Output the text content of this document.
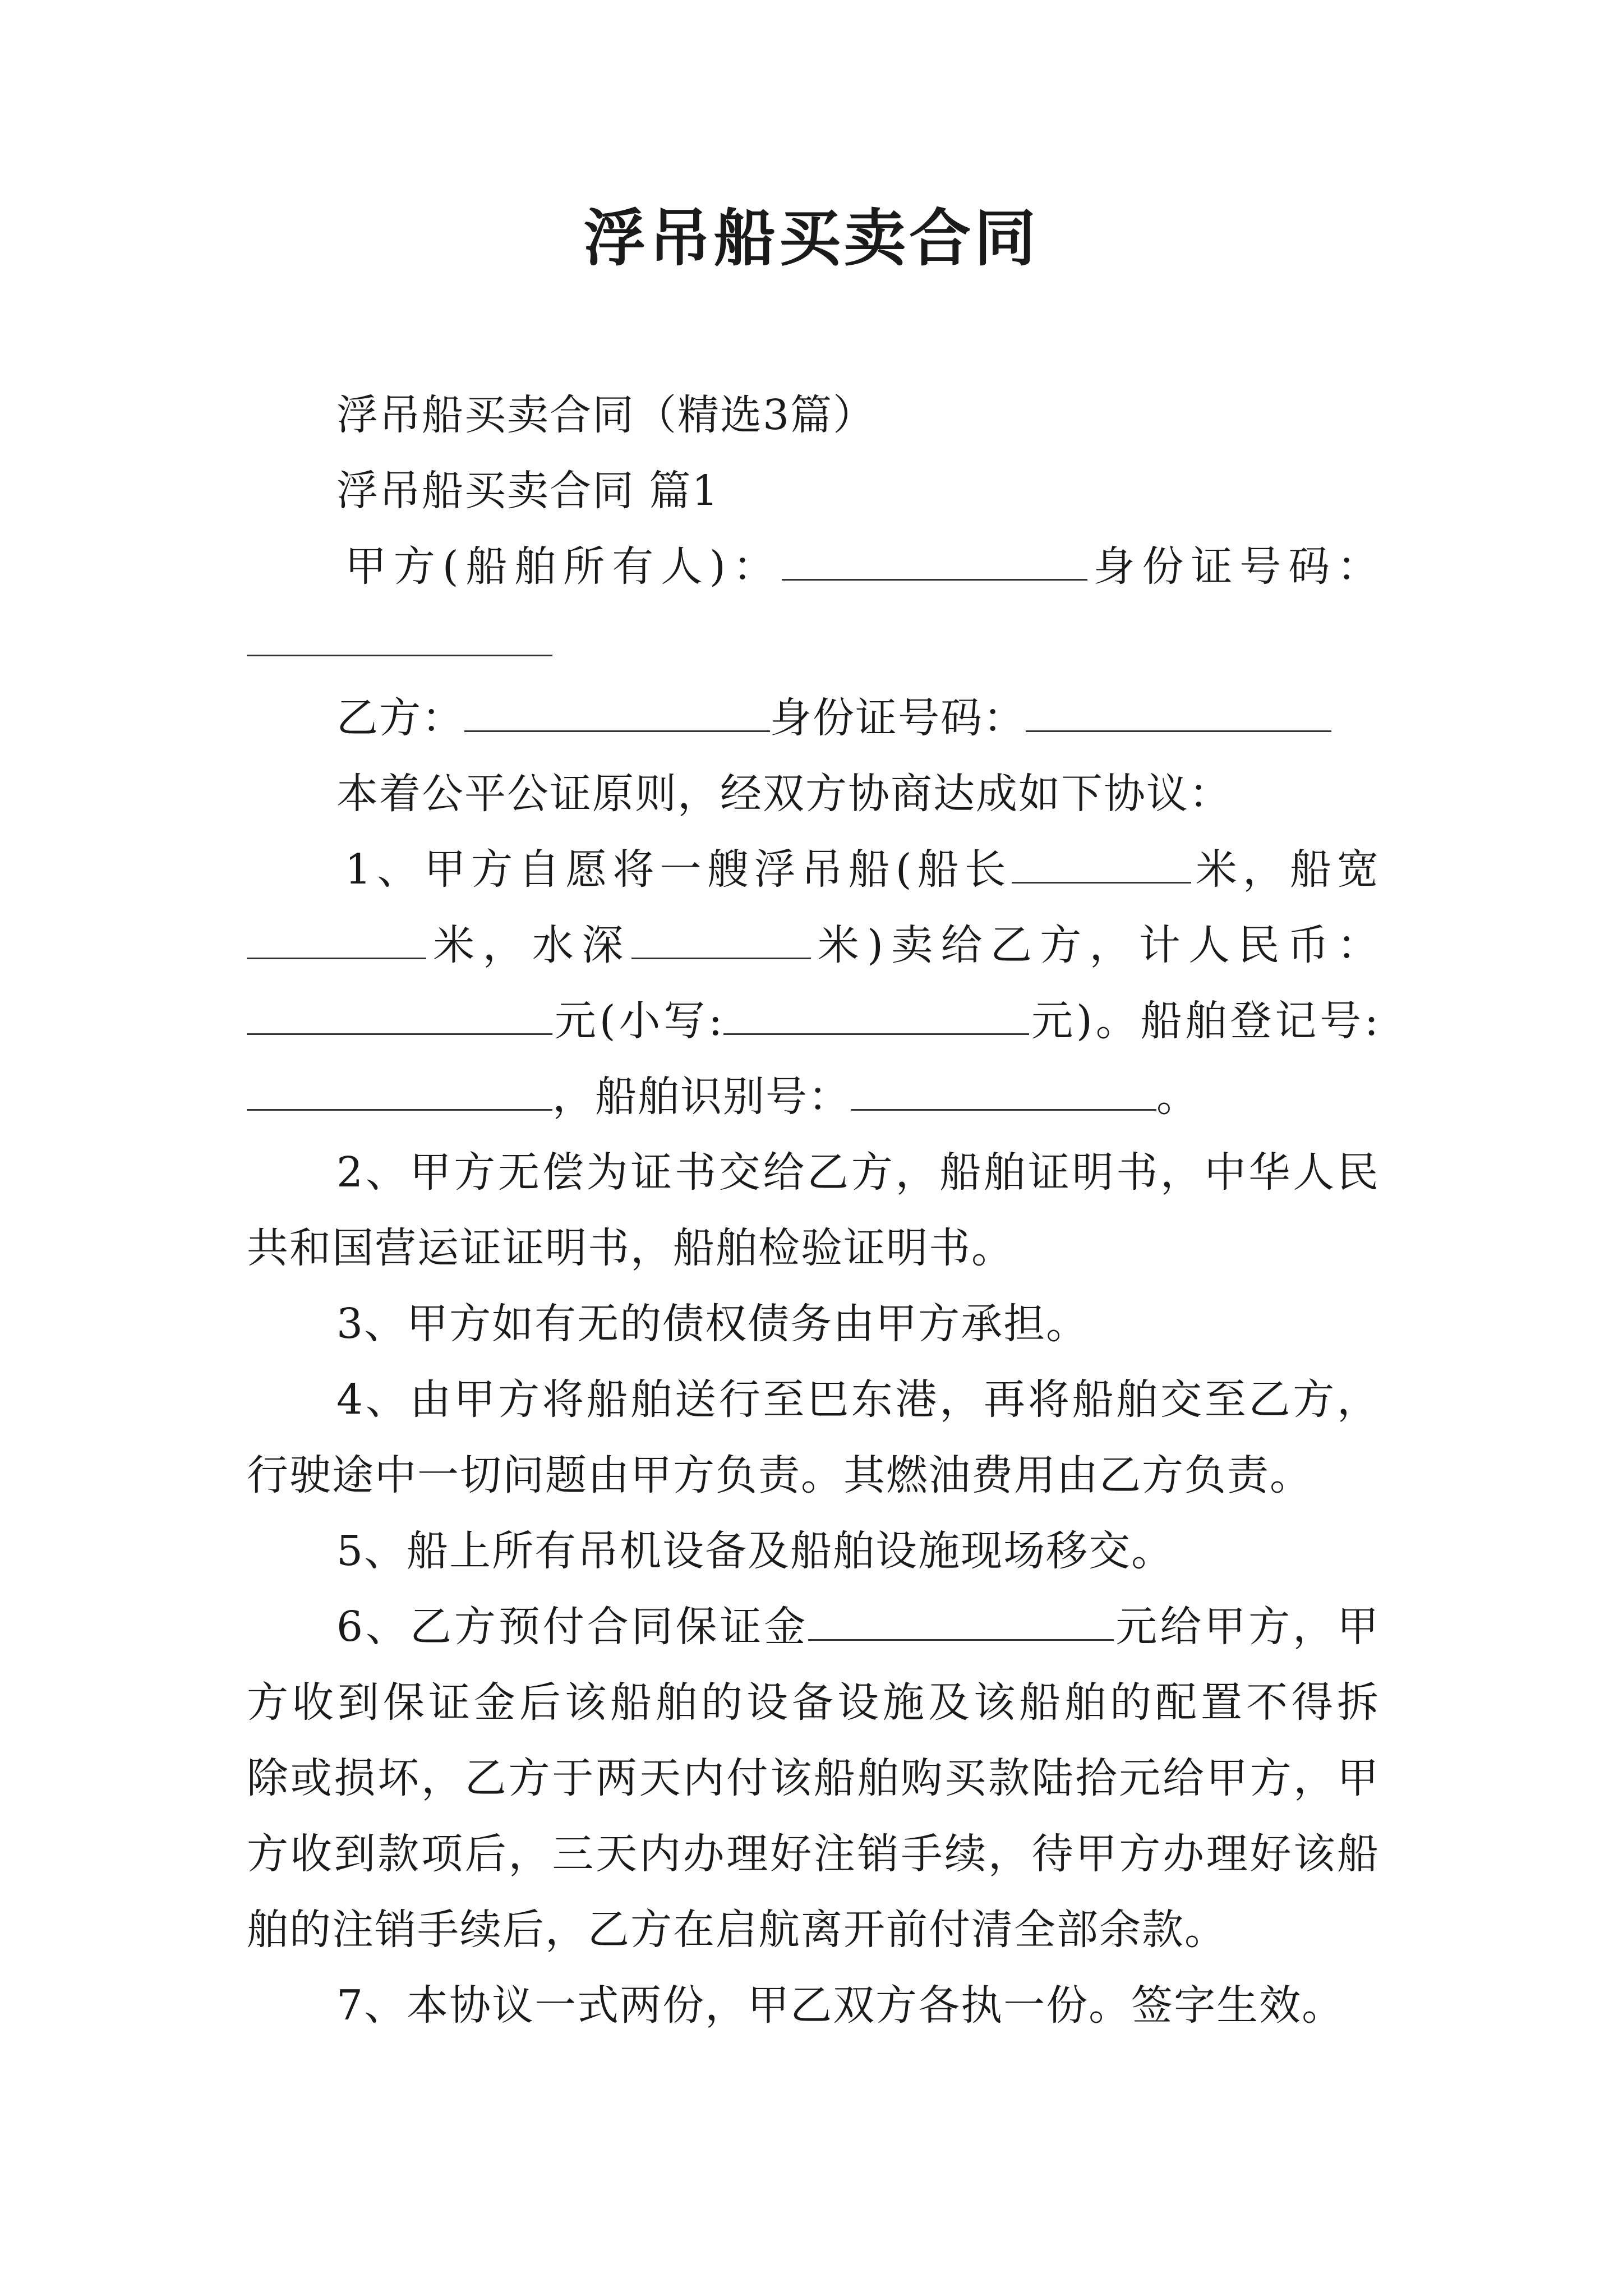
浮吊船买卖合同
浮吊船买卖合同（精选3篇）
浮吊船买卖合同 篇1
甲方(船舶所有人)：	身份证号码：
乙方：	身份证号码：
本着公平公证原则，经双方协商达成如下协议：
1、甲方自愿将一艘浮吊船(船长	米，船宽
米，水深	米)卖给乙方，计人民币：
元(小写:	元)。船舶登记号:
，船舶识别号：	。
2、甲方无偿为证书交给乙方，船舶证明书，中华人民
共和国营运证证明书，船舶检验证明书。
3、甲方如有无的债权债务由甲方承担。
4、由甲方将船舶送行至巴东港，再将船舶交至乙方，
行驶途中一切问题由甲方负责。其燃油费用由乙方负责。
5、船上所有吊机设备及船舶设施现场移交。
6、乙方预付合同保证金	元给甲方，甲
方收到保证金后该船舶的设备设施及该船舶的配置不得拆
除或损坏，乙方于两天内付该船舶购买款陆拾元给甲方，甲
方收到款项后，三天内办理好注销手续，待甲方办理好该船
舶的注销手续后，乙方在启航离开前付清全部余款。
7、本协议一式两份，甲乙双方各执一份。签字生效。
